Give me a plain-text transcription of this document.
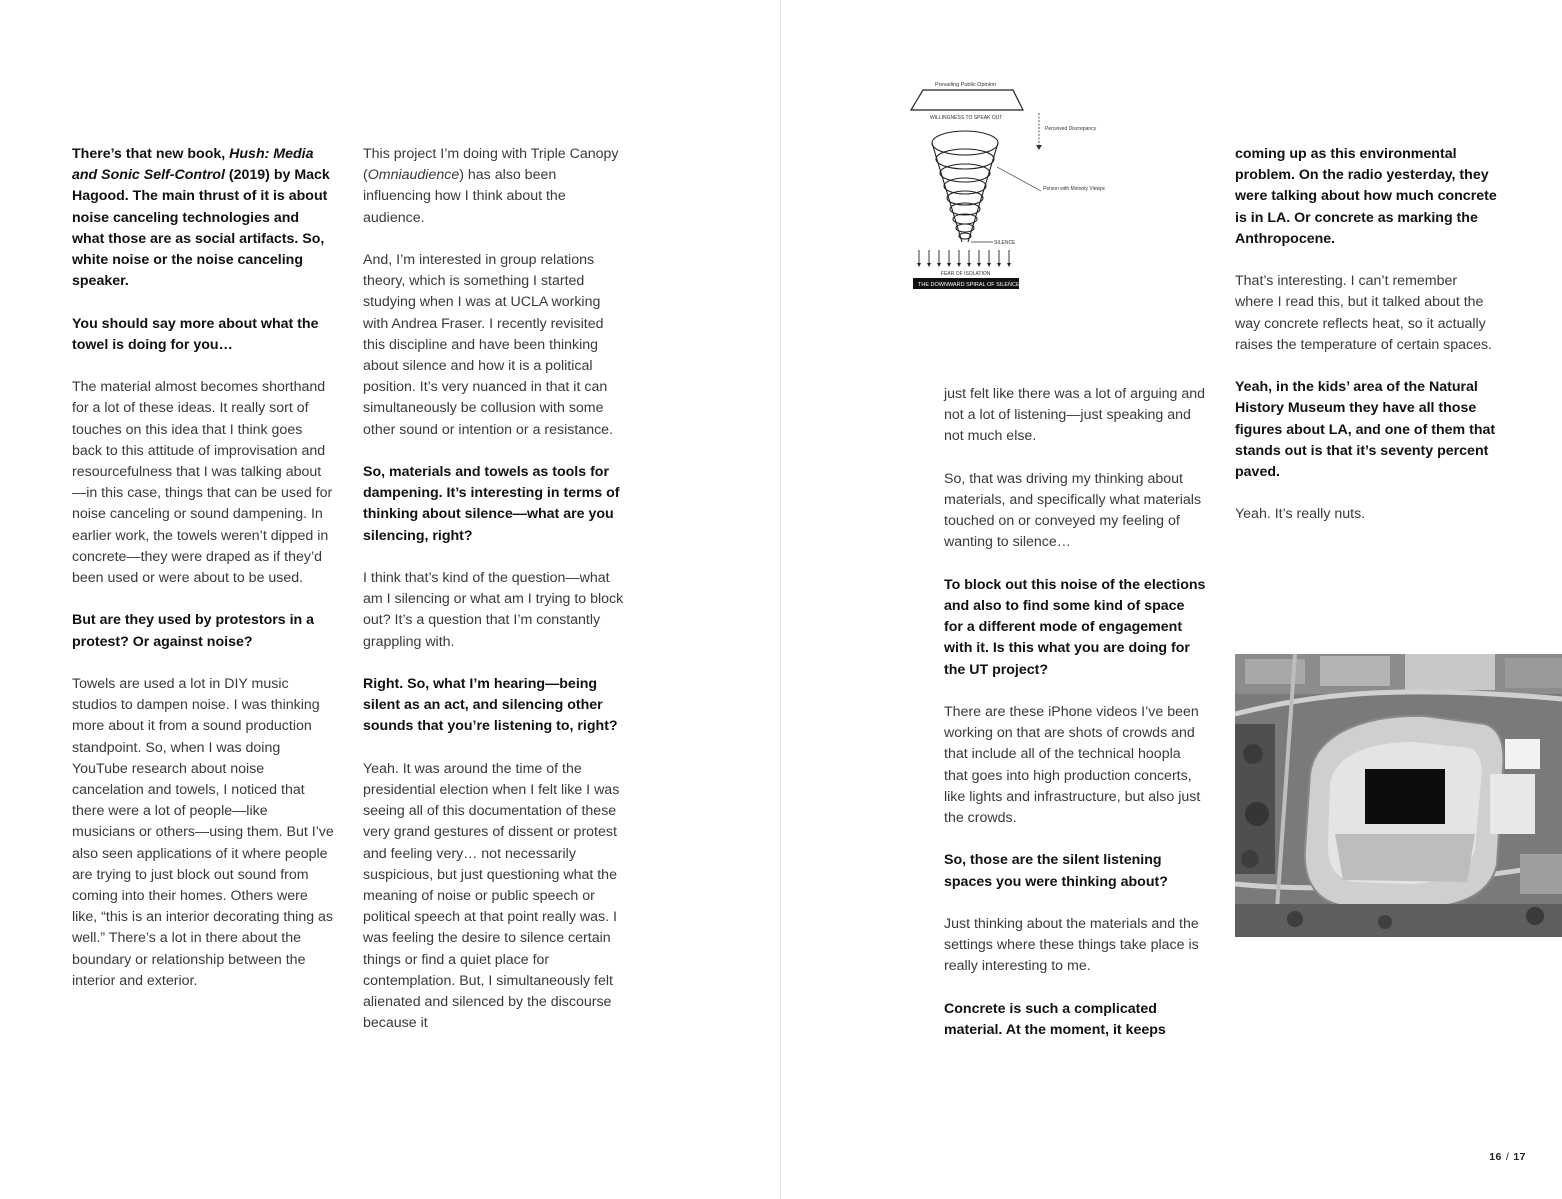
There’s that new book, Hush: Media and Sonic Self-Control (2019) by Mack Hagood. The main thrust of it is about noise canceling technologies and what those are as social artifacts. So, white noise or the noise canceling speaker.

You should say more about what the towel is doing for you…

The material almost becomes shorthand for a lot of these ideas. It really sort of touches on this idea that I think goes back to this attitude of improvisation and resourcefulness that I was talking about—in this case, things that can be used for noise canceling or sound dampening. In earlier work, the towels weren’t dipped in concrete—they were draped as if they’d been used or were about to be used.

But are they used by protestors in a protest? Or against noise?

Towels are used a lot in DIY music studios to dampen noise. I was thinking more about it from a sound production standpoint. So, when I was doing YouTube research about noise cancelation and towels, I noticed that there were a lot of people—like musicians or others—using them. But I’ve also seen applications of it where people are trying to just block out sound from coming into their homes. Others were like, “this is an interior decorating thing as well.” There’s a lot in there about the boundary or relationship between the interior and exterior.

This project I’m doing with Triple Canopy (Omniaudience) has also been influencing how I think about the audience.

And, I’m interested in group relations theory, which is something I started studying when I was at UCLA working with Andrea Fraser. I recently revisited this discipline and have been thinking about silence and how it is a political position. It’s very nuanced in that it can simultaneously be collusion with some other sound or intention or a resistance.

So, materials and towels as tools for dampening. It’s interesting in terms of thinking about silence—what are you silencing, right?

I think that’s kind of the question—what am I silencing or what am I trying to block out? It’s a question that I’m constantly grappling with.

Right. So, what I’m hearing—being silent as an act, and silencing other sounds that you’re listening to, right?

Yeah. It was around the time of the presidential election when I felt like I was seeing all of this documentation of these very grand gestures of dissent or protest and feeling very… not necessarily suspicious, but just questioning what the meaning of noise or public speech or political speech at that point really was. I was feeling the desire to silence certain things or find a quiet place for contemplation. But, I simultaneously felt alienated and silenced by the discourse because it

Prevailing Public Opinion
WILLINGNESS TO SPEAK OUT
Perceived Discrepancy
Person with Minority Viewpoint
SILENCE
FEAR OF ISOLATION
THE DOWNWARD SPIRAL OF SILENCE

just felt like there was a lot of arguing and not a lot of listening—just speaking and not much else.

So, that was driving my thinking about materials, and specifically what materials touched on or conveyed my feeling of wanting to silence…

To block out this noise of the elections and also to find some kind of space for a different mode of engagement with it. Is this what you are doing for the UT project?

There are these iPhone videos I’ve been working on that are shots of crowds and that include all of the technical hoopla that goes into high production concerts, like lights and infrastructure, but also just the crowds.

So, those are the silent listening spaces you were thinking about?

Just thinking about the materials and the settings where these things take place is really interesting to me.

Concrete is such a complicated material. At the moment, it keeps

coming up as this environmental problem. On the radio yesterday, they were talking about how much concrete is in LA. Or concrete as marking the Anthropocene.

That’s interesting. I can’t remember where I read this, but it talked about the way concrete reflects heat, so it actually raises the temperature of certain spaces.

Yeah, in the kids’ area of the Natural History Museum they have all those figures about LA, and one of them that stands out is that it’s seventy percent paved.

Yeah. It’s really nuts.

16 / 17
